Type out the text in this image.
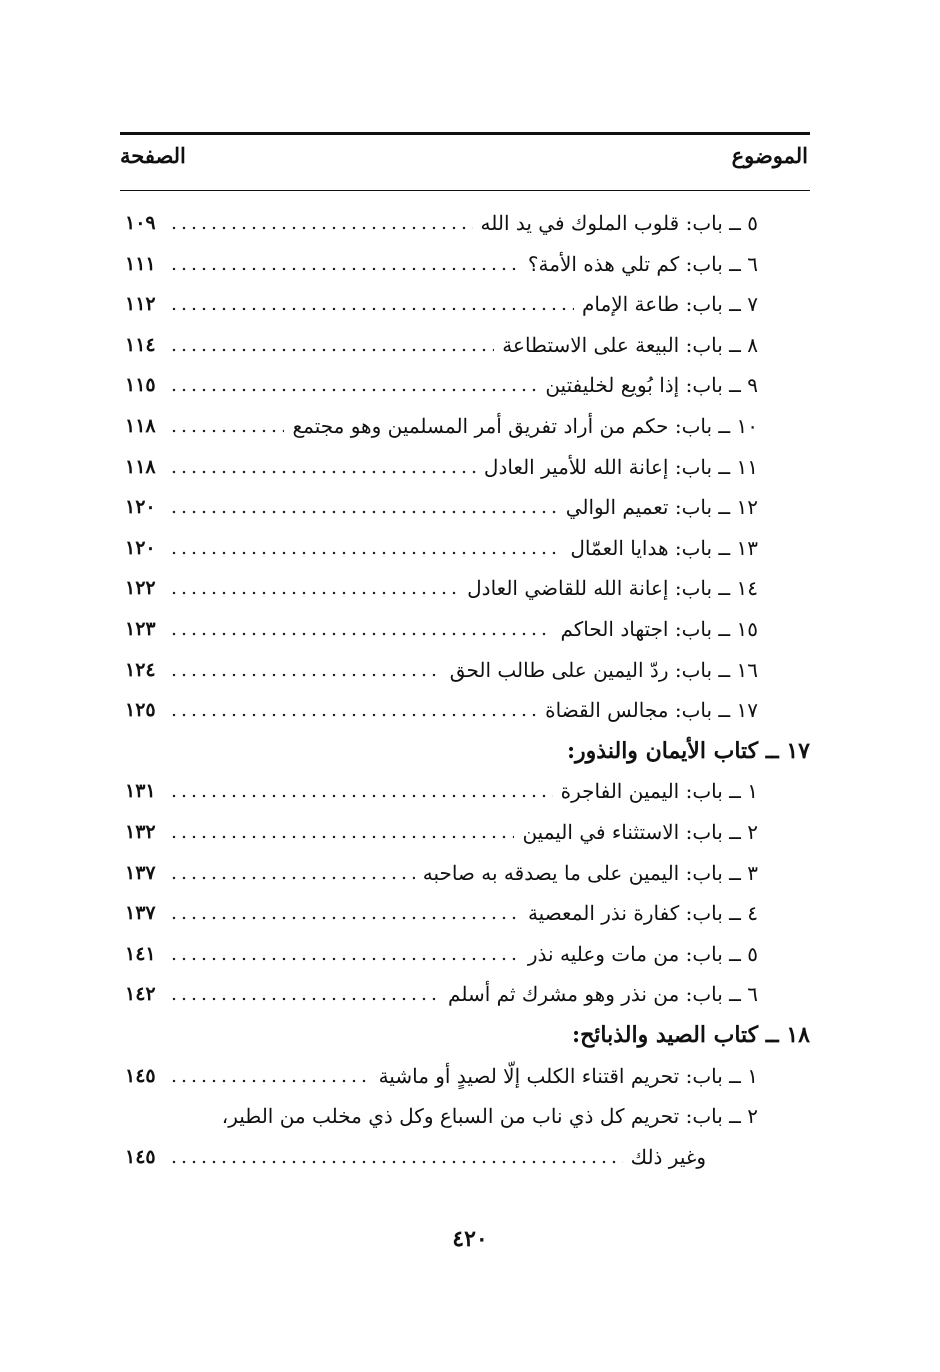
الموضوع
الصفحة
٥ ــ باب: قلوب الملوك في يد الله
١٠٩
٦ ــ باب: كم تلي هذه الأمة؟
١١١
٧ ــ باب: طاعة الإمام
١١٢
٨ ــ باب: البيعة على الاستطاعة
١١٤
٩ ــ باب: إذا بُويع لخليفتين
١١٥
١٠ ــ باب: حكم من أراد تفريق أمر المسلمين وهو مجتمع
١١٨
١١ ــ باب: إعانة الله للأمير العادل
١١٨
١٢ ــ باب: تعميم الوالي
١٢٠
١٣ ــ باب: هدايا العمّال
١٢٠
١٤ ــ باب: إعانة الله للقاضي العادل
١٢٢
١٥ ــ باب: اجتهاد الحاكم
١٢٣
١٦ ــ باب: ردّ اليمين على طالب الحق
١٢٤
١٧ ــ باب: مجالس القضاة
١٢٥
١٧ ــ كتاب الأيمان والنذور:
١ ــ باب: اليمين الفاجرة
١٣١
٢ ــ باب: الاستثناء في اليمين
١٣٢
٣ ــ باب: اليمين على ما يصدقه به صاحبه
١٣٧
٤ ــ باب: كفارة نذر المعصية
١٣٧
٥ ــ باب: من مات وعليه نذر
١٤١
٦ ــ باب: من نذر وهو مشرك ثم أسلم
١٤٢
١٨ ــ كتاب الصيد والذبائح:
١ ــ باب: تحريم اقتناء الكلب إلّا لصيدٍ أو ماشية
١٤٥
٢ ــ باب: تحريم كل ذي ناب من السباع وكل ذي مخلب من الطير،
وغير ذلك
١٤٥
٤٢٠
